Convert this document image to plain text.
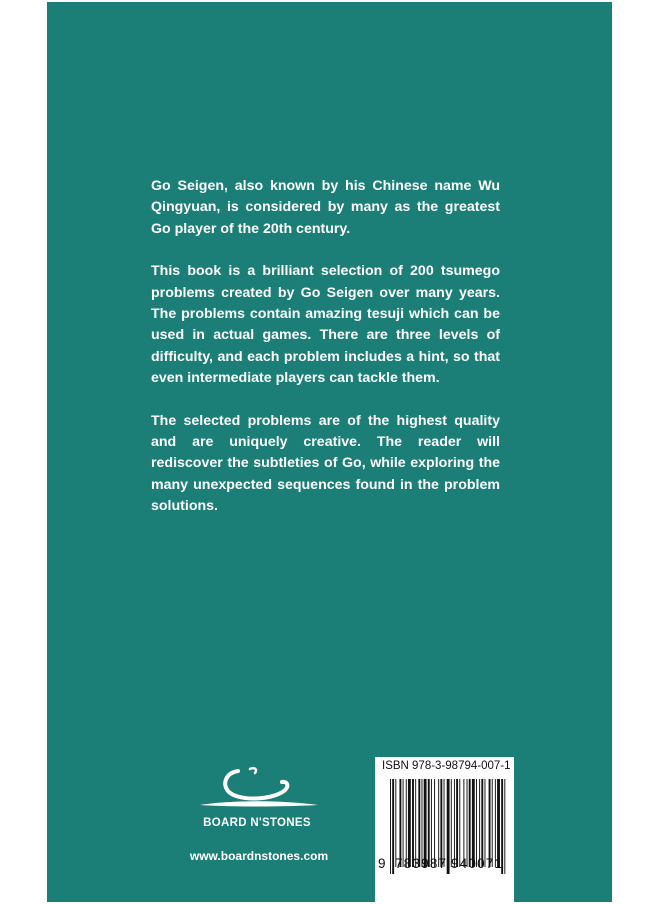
Go Seigen, also known by his Chinese name Wu Qingyuan, is considered by many as the greatest Go player of the 20th century.

This book is a brilliant selection of 200 tsumego problems created by Go Seigen over many years. The problems contain amazing tesuji which can be used in actual games. There are three levels of difficulty, and each problem includes a hint, so that even intermediate players can tackle them.

The selected problems are of the highest quality and are uniquely creative. The reader will rediscover the subtleties of Go, while exploring the many unexpected sequences found in the problem solutions.

BOARD N'STONES
www.boardnstones.com
ISBN 978-3-98794-007-1
9 783987 940071
